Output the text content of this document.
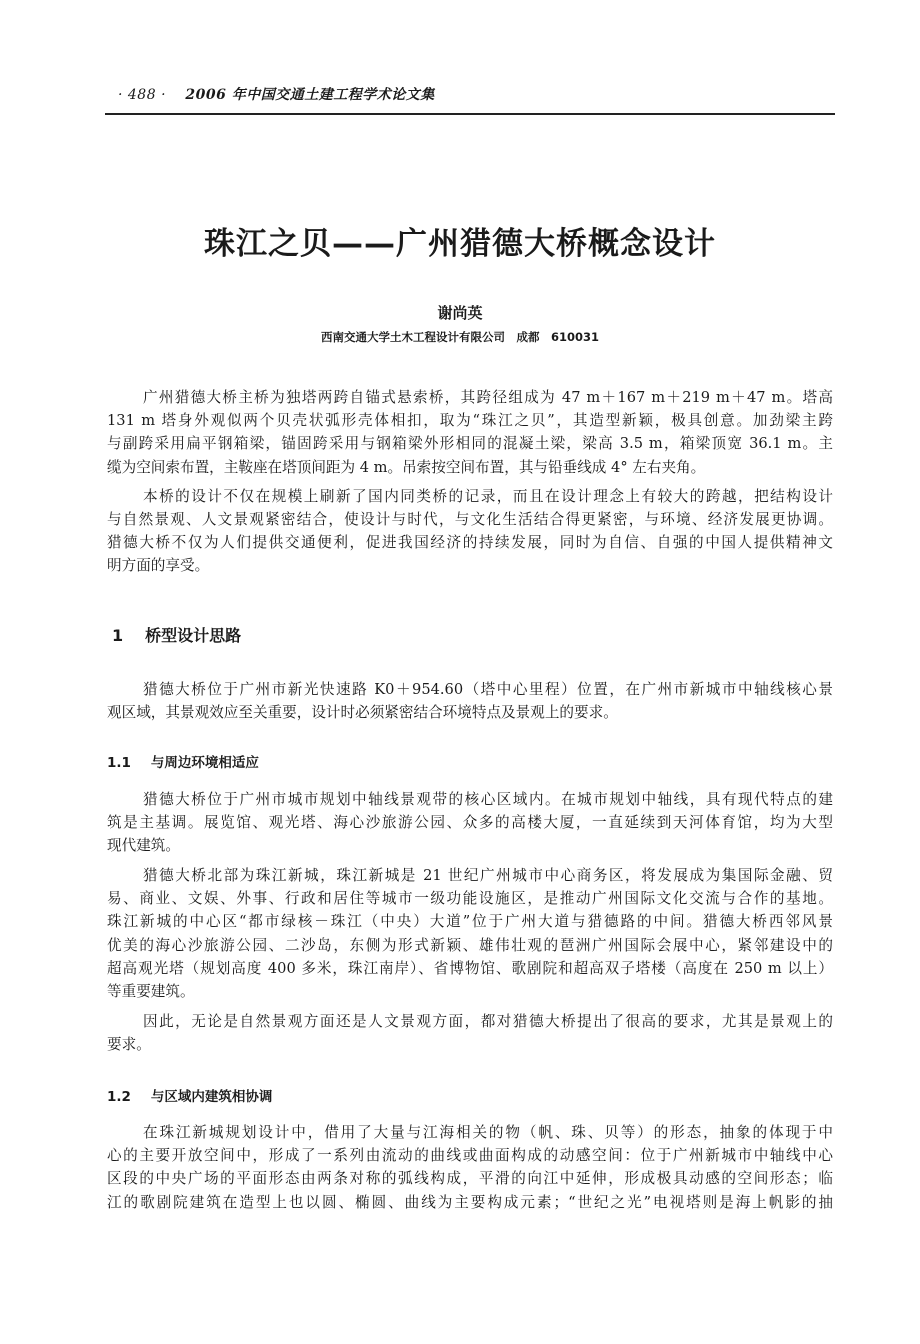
· 488 · 2006 年中国交通土建工程学术论文集
珠江之贝——广州猎德大桥概念设计
谢尚英
西南交通大学土木工程设计有限公司　成都　610031
广州猎德大桥主桥为独塔两跨自锚式悬索桥，其跨径组成为 47 m＋167 m＋219 m＋47 m。塔高
131 m 塔身外观似两个贝壳状弧形壳体相扣，取为“珠江之贝”，其造型新颖，极具创意。加劲梁主跨
与副跨采用扁平钢箱梁，锚固跨采用与钢箱梁外形相同的混凝土梁，梁高 3.5 m，箱梁顶宽 36.1 m。主
缆为空间索布置，主鞍座在塔顶间距为 4 m。吊索按空间布置，其与铅垂线成 4° 左右夹角。
本桥的设计不仅在规模上刷新了国内同类桥的记录，而且在设计理念上有较大的跨越，把结构设计
与自然景观、人文景观紧密结合，使设计与时代，与文化生活结合得更紧密，与环境、经济发展更协调。
猎德大桥不仅为人们提供交通便利，促进我国经济的持续发展，同时为自信、自强的中国人提供精神文
明方面的享受。
1 桥型设计思路
猎德大桥位于广州市新光快速路 K0＋954.60（塔中心里程）位置，在广州市新城市中轴线核心景
观区域，其景观效应至关重要，设计时必须紧密结合环境特点及景观上的要求。
1.1 与周边环境相适应
猎德大桥位于广州市城市规划中轴线景观带的核心区域内。在城市规划中轴线，具有现代特点的建
筑是主基调。展览馆、观光塔、海心沙旅游公园、众多的高楼大厦，一直延续到天河体育馆，均为大型
现代建筑。
猎德大桥北部为珠江新城，珠江新城是 21 世纪广州城市中心商务区，将发展成为集国际金融、贸
易、商业、文娱、外事、行政和居住等城市一级功能设施区，是推动广州国际文化交流与合作的基地。
珠江新城的中心区“都市绿核－珠江（中央）大道”位于广州大道与猎德路的中间。猎德大桥西邻风景
优美的海心沙旅游公园、二沙岛，东侧为形式新颖、雄伟壮观的琶洲广州国际会展中心，紧邻建设中的
超高观光塔（规划高度 400 多米，珠江南岸）、省博物馆、歌剧院和超高双子塔楼（高度在 250 m 以上）
等重要建筑。
因此，无论是自然景观方面还是人文景观方面，都对猎德大桥提出了很高的要求，尤其是景观上的
要求。
1.2 与区域内建筑相协调
在珠江新城规划设计中，借用了大量与江海相关的物（帆、珠、贝等）的形态，抽象的体现于中
心的主要开放空间中，形成了一系列由流动的曲线或曲面构成的动感空间：位于广州新城市中轴线中心
区段的中央广场的平面形态由两条对称的弧线构成，平滑的向江中延伸，形成极具动感的空间形态；临
江的歌剧院建筑在造型上也以圆、椭圆、曲线为主要构成元素；“世纪之光”电视塔则是海上帆影的抽
